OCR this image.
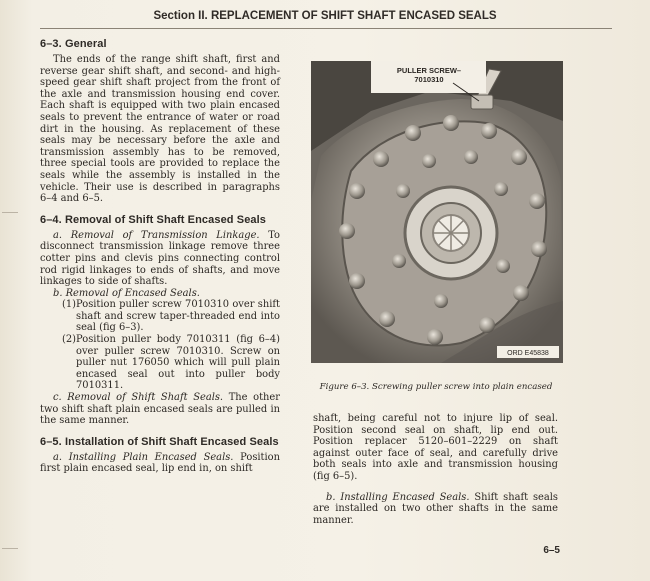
Section II. REPLACEMENT OF SHIFT SHAFT ENCASED SEALS
6–3. General

The ends of the range shift shaft, first and reverse gear shift shaft, and second- and high-speed gear shift shaft project from the front of the axle and transmission housing end cover. Each shaft is equipped with two plain encased seals to prevent the entrance of water or road dirt in the housing. As replacement of these seals may be necessary before the axle and transmission assembly has to be removed, three special tools are provided to replace the seals while the assembly is installed in the vehicle. Their use is described in paragraphs 6–4 and 6–5.

6–4. Removal of Shift Shaft Encased Seals

a. Removal of Transmission Linkage. To disconnect transmission linkage remove three cotter pins and clevis pins connecting control rod rigid linkages to ends of shafts, and move linkages to side of shafts.

b. Removal of Encased Seals.

(1) Position puller screw 7010310 over shift shaft and screw taper-threaded end into seal (fig 6–3).
(2) Position puller body 7010311 (fig 6–4) over puller screw 7010310. Screw on puller nut 176050 which will pull plain encased seal out into puller body 7010311.

c. Removal of Shift Shaft Seals. The other two shift shaft plain encased seals are pulled in the same manner.

6–5. Installation of Shift Shaft Encased Seals

a. Installing Plain Encased Seals. Position first plain encased seal, lip end in, on shift

PULLER SCREW–
7010310
ORD E45838
Figure 6–3. Screwing puller screw into plain encased

shaft, being careful not to injure lip of seal. Position second seal on shaft, lip end out. Position replacer 5120–601–2229 on shaft against outer face of seal, and carefully drive both seals into axle and transmission housing (fig 6–5).

b. Installing Encased Seals. Shift shaft seals are installed on two other shafts in the same manner.

6–5
